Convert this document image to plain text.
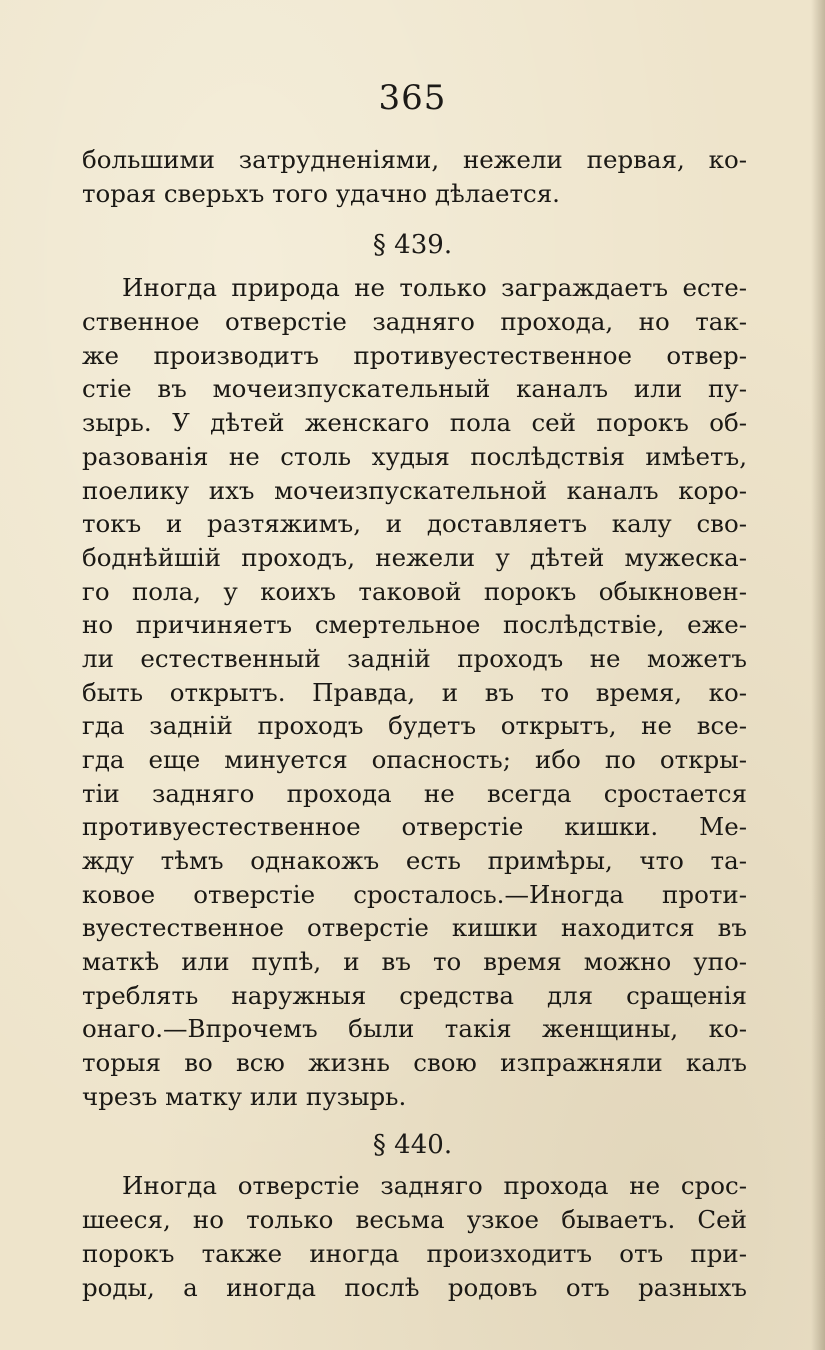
365
большими затрудненіями, нежели первая, ко-
торая сверьхъ того удачно дѣлается.
§ 439.
Иногда природа не только заграждаетъ есте-
ственное отверстіе задняго прохода, но так-
же производитъ противуестественное отвер-
стіе въ мочеизпускательный каналъ или пу-
зырь. У дѣтей женскаго пола сей порокъ об-
разованія не столь худыя послѣдствія имѣетъ,
поелику ихъ мочеизпускательной каналъ коро-
токъ и разтяжимъ, и доставляетъ калу сво-
боднѣйшій проходъ, нежели у дѣтей мужеска-
го пола, у коихъ таковой порокъ обыкновен-
но причиняетъ смертельное послѣдствіе, еже-
ли естественный задній проходъ не можетъ
быть открытъ. Правда, и въ то время, ко-
гда задній проходъ будетъ открытъ, не все-
гда еще минуется опасность; ибо по откры-
тіи задняго прохода не всегда сростается
противуестественное отверстіе кишки. Ме-
жду тѣмъ однакожъ есть примѣры, что та-
ковое отверстіе сросталось.—Иногда проти-
вуестественное отверстіе кишки находится въ
маткѣ или пупѣ, и въ то время можно упо-
треблять наружныя средства для сращенія
онаго.—Впрочемъ были такія женщины, ко-
торыя во всю жизнь свою изпражняли калъ
чрезъ матку или пузырь.
§ 440.
Иногда отверстіе задняго прохода не срос-
шееся, но только весьма узкое бываетъ. Сей
порокъ также иногда произходитъ отъ при-
роды, а иногда послѣ родовъ отъ разныхъ
